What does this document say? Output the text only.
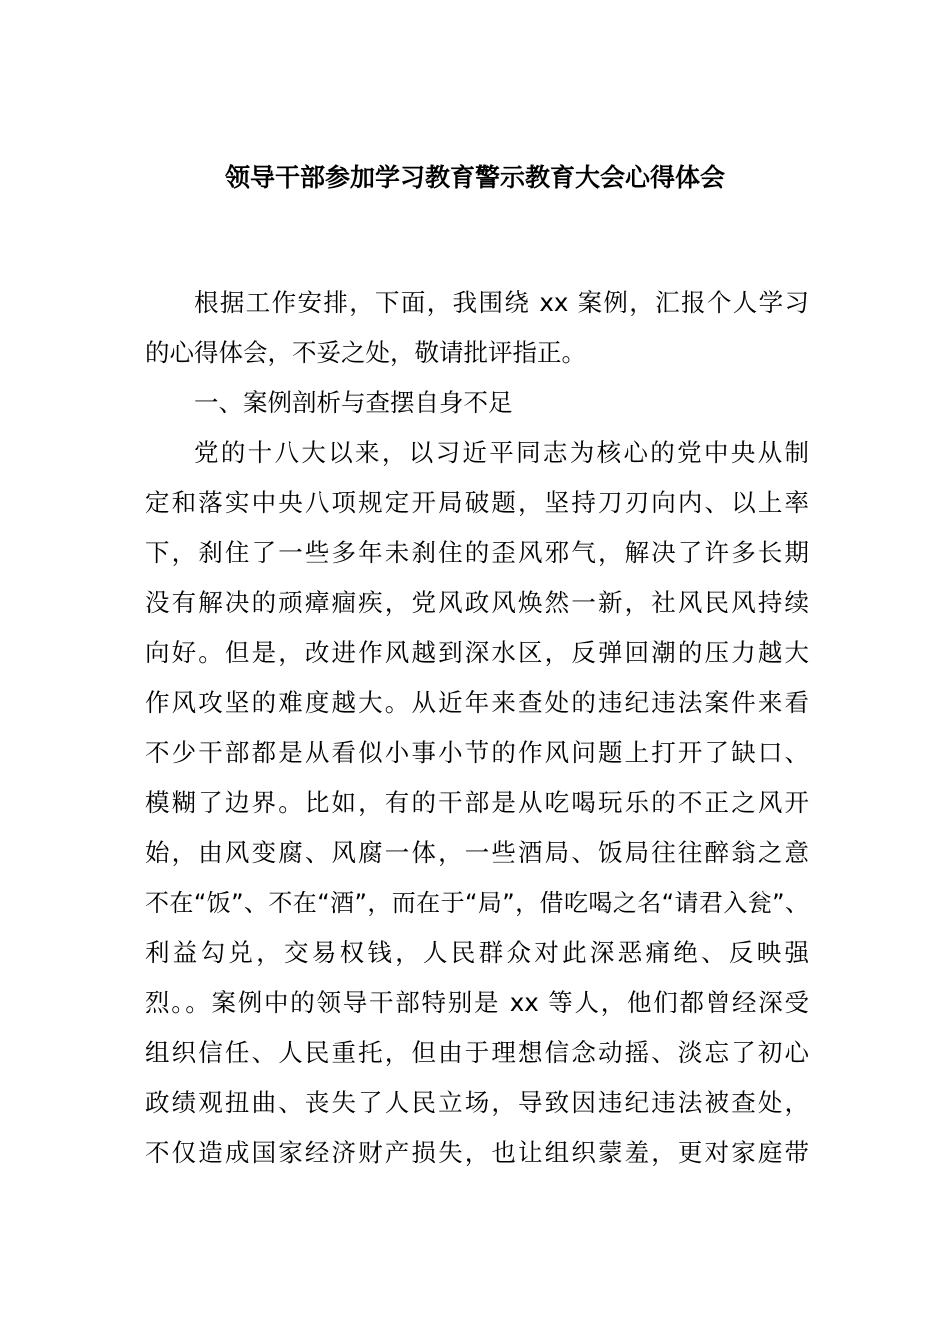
领导干部参加学习教育警示教育大会心得体会
根据工作安排，下面，我围绕 xx 案例，汇报个人学习
的心得体会，不妥之处，敬请批评指正。
一、案例剖析与查摆自身不足
党的十八大以来，以习近平同志为核心的党中央从制
定和落实中央八项规定开局破题，坚持刀刃向内、以上率
下，刹住了一些多年未刹住的歪风邪气，解决了许多长期
没有解决的顽瘴痼疾，党风政风焕然一新，社风民风持续
向好。但是，改进作风越到深水区，反弹回潮的压力越大
作风攻坚的难度越大。从近年来查处的违纪违法案件来看
不少干部都是从看似小事小节的作风问题上打开了缺口、
模糊了边界。比如，有的干部是从吃喝玩乐的不正之风开
始，由风变腐、风腐一体，一些酒局、饭局往往醉翁之意
不在“饭”、不在“酒”，而在于“局”，借吃喝之名“请君入瓮”、
利益勾兑，交易权钱，人民群众对此深恶痛绝、反映强
烈。。案例中的领导干部特别是 xx 等人，他们都曾经深受
组织信任、人民重托，但由于理想信念动摇、淡忘了初心
政绩观扭曲、丧失了人民立场，导致因违纪违法被查处，
不仅造成国家经济财产损失，也让组织蒙羞，更对家庭带
